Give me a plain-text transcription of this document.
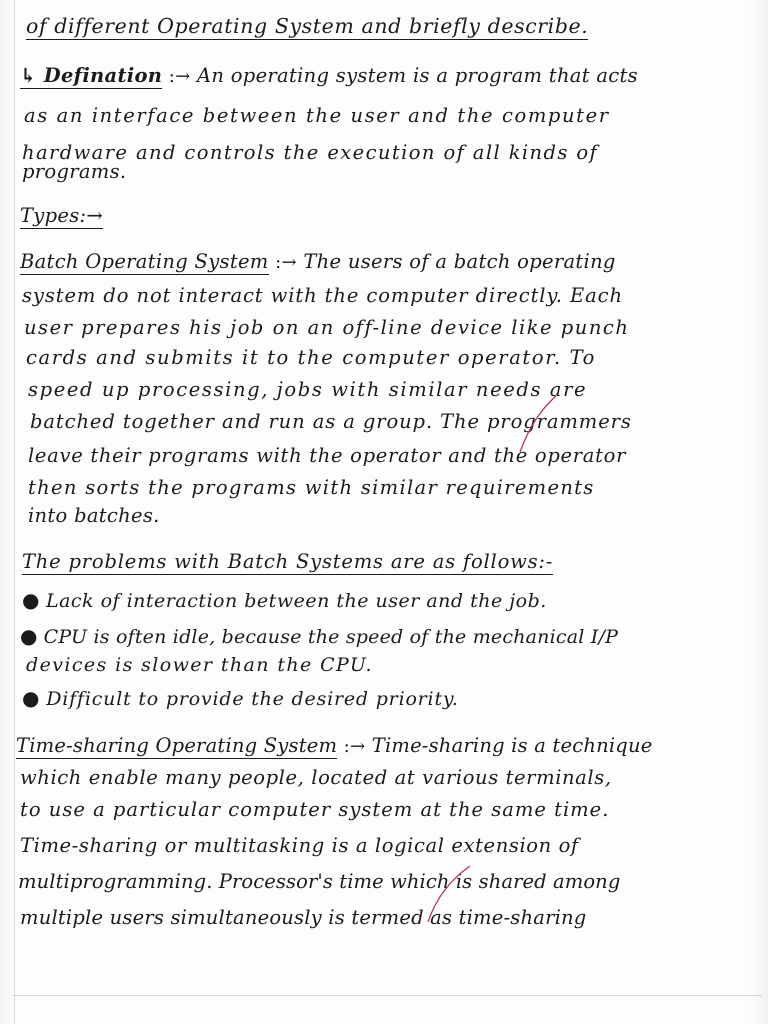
of different Operating System and briefly describe.

↳ Defination :→ An operating system is a program that acts

as an interface between the user and the computer

hardware and controls the execution of all kinds of

programs.

Types:→

Batch Operating System :→ The users of a batch operating

system do not interact with the computer directly. Each

user prepares his job on an off-line device like punch

cards and submits it to the computer operator. To

speed up processing, jobs with similar needs are

batched together and run as a group. The programmers

leave their programs with the operator and the operator

then sorts the programs with similar requirements

into batches.

The problems with Batch Systems are as follows:-

● Lack of interaction between the user and the job.

● CPU is often idle, because the speed of the mechanical I/P

devices is slower than the CPU.

● Difficult to provide the desired priority.

Time-sharing Operating System :→ Time-sharing is a technique

which enable many people, located at various terminals,

to use a particular computer system at the same time.

Time-sharing or multitasking is a logical extension of

multiprogramming. Processor's time which is shared among

multiple users simultaneously is termed as time-sharing
